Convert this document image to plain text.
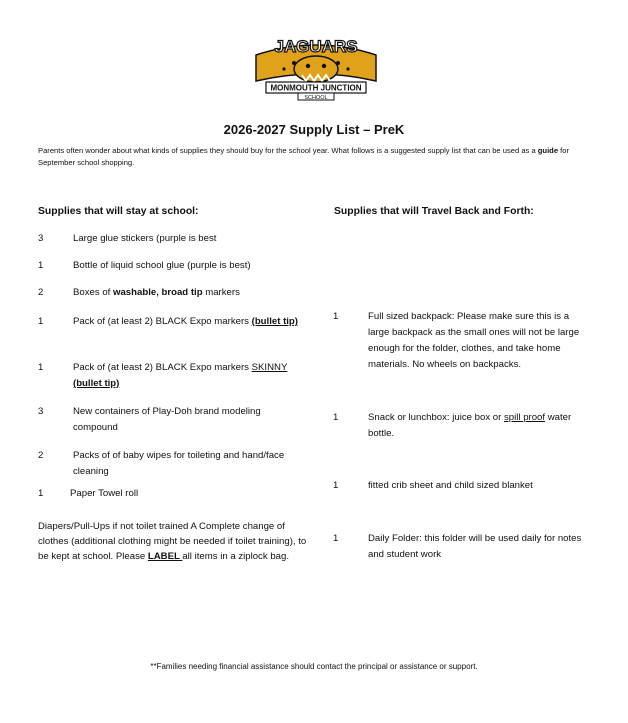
JAGUARS
MONMOUTH JUNCTION
SCHOOL
2026-2027 Supply List – PreK
Parents often wonder about what kinds of supplies they should buy for the school year. What follows is a suggested supply list that can be used as a guide for September school shopping.
Supplies that will stay at school:	Supplies that will Travel Back and Forth:
3	Large glue stickers (purple is best
1	Bottle of liquid school glue (purple is best)
2	Boxes of washable, broad tip markers
1	Pack of (at least 2) BLACK Expo markers (bullet tip)
1	Pack of (at least 2) BLACK Expo markers SKINNY
(bullet tip)
3	New containers of Play-Doh brand modeling compound
2	Packs of of baby wipes for toileting and hand/face cleaning
1	Paper Towel roll
Diapers/Pull-Ups if not toilet trained A Complete change of clothes (additional clothing might be needed if toilet training), to be kept at school. Please LABEL all items in a ziplock bag.
1	Full sized backpack: Please make sure this is a large backpack as the small ones will not be large enough for the folder, clothes, and take home materials. No wheels on backpacks.
1	Snack or lunchbox: juice box or spill proof water bottle.
1	fitted crib sheet and child sized blanket
1	Daily Folder: this folder will be used daily for notes and student work
**Families needing financial assistance should contact the principal or assistance or support.
